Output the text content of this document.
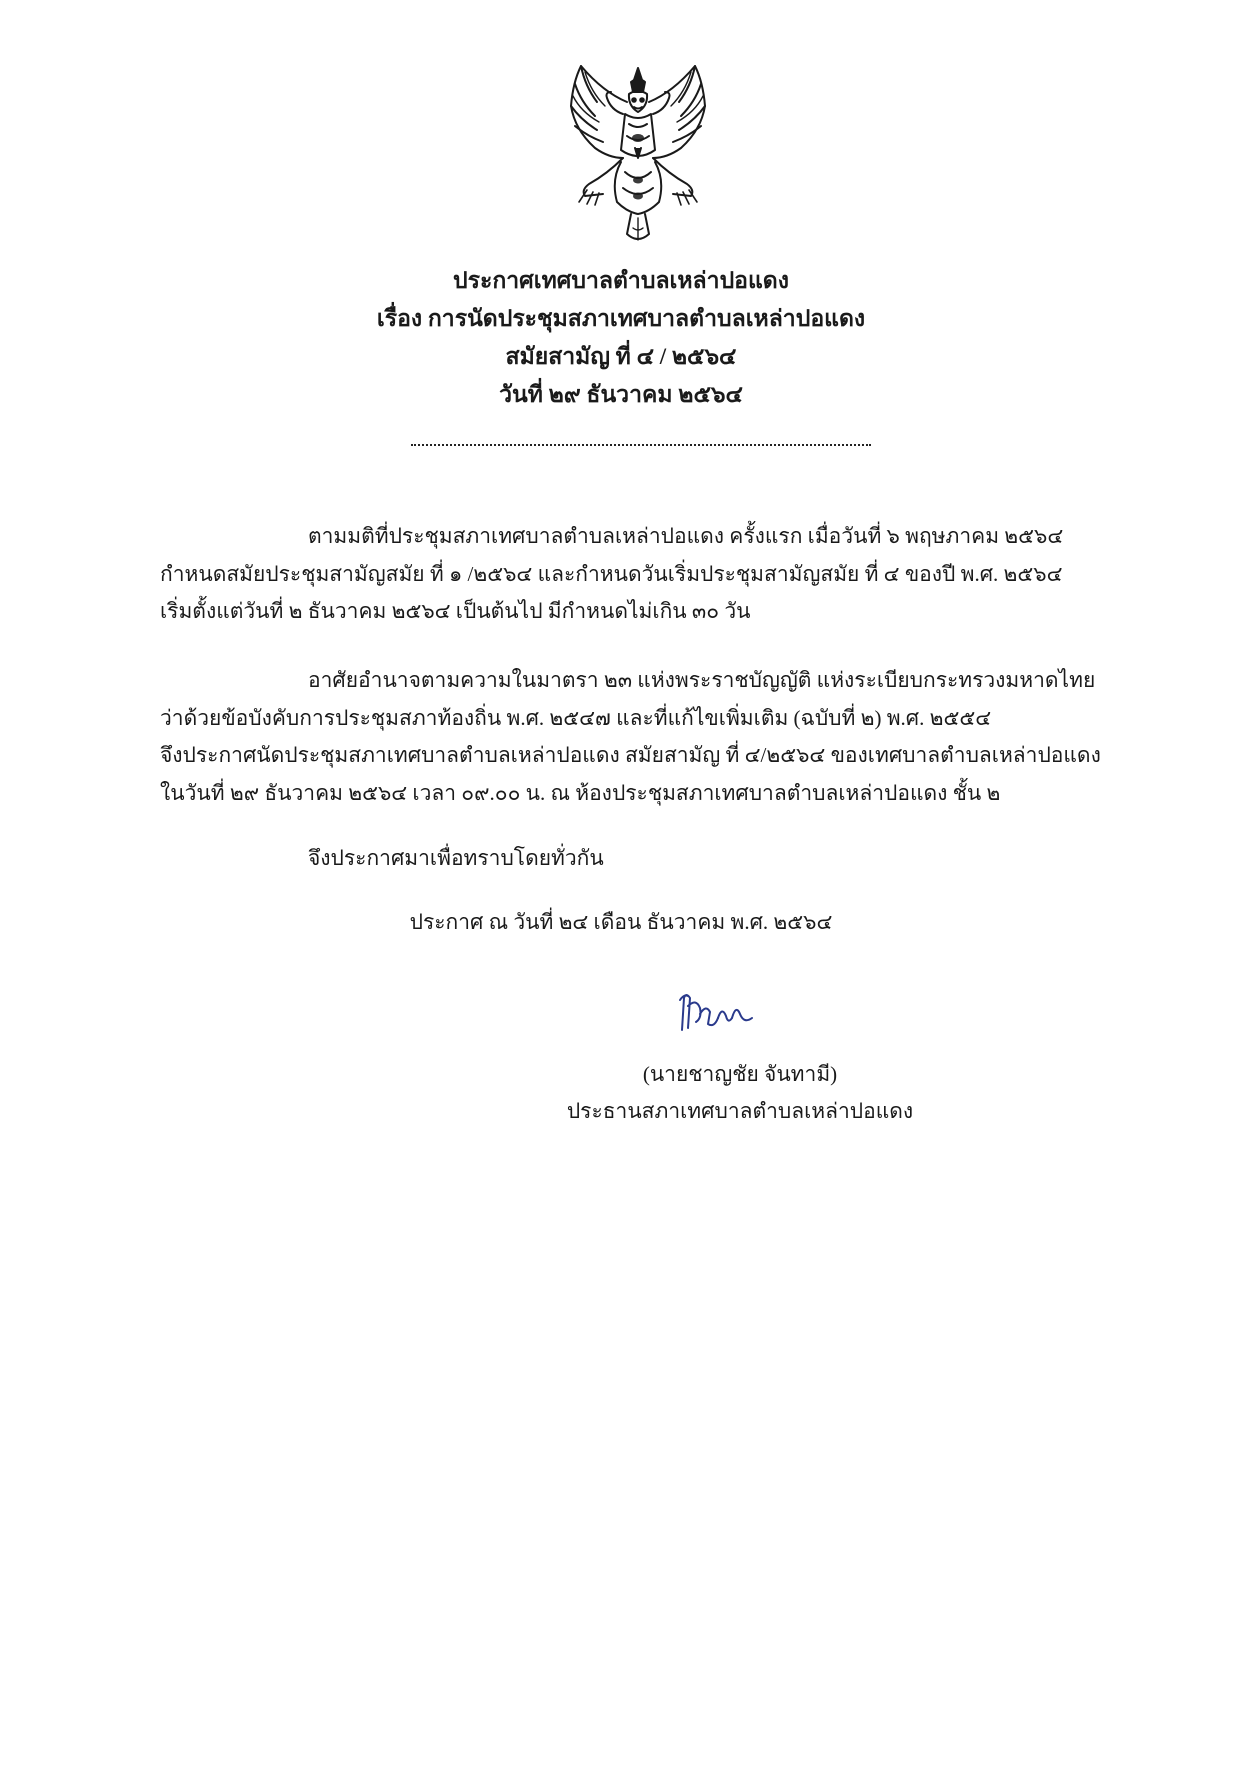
ประกาศเทศบาลตำบลเหล่าปอแดง
เรื่อง การนัดประชุมสภาเทศบาลตำบลเหล่าปอแดง
สมัยสามัญ ที่ ๔ / ๒๕๖๔
วันที่ ๒๙ ธันวาคม ๒๕๖๔
ตามมติที่ประชุมสภาเทศบาลตำบลเหล่าปอแดง ครั้งแรก เมื่อวันที่ ๖ พฤษภาคม ๒๕๖๔
กำหนดสมัยประชุมสามัญสมัย ที่ ๑ /๒๕๖๔ และกำหนดวันเริ่มประชุมสามัญสมัย ที่ ๔ ของปี พ.ศ. ๒๕๖๔
เริ่มตั้งแต่วันที่ ๒ ธันวาคม ๒๕๖๔ เป็นต้นไป มีกำหนดไม่เกิน ๓๐ วัน
อาศัยอำนาจตามความในมาตรา ๒๓ แห่งพระราชบัญญัติ แห่งระเบียบกระทรวงมหาดไทย
ว่าด้วยข้อบังคับการประชุมสภาท้องถิ่น พ.ศ. ๒๕๔๗ และที่แก้ไขเพิ่มเติม (ฉบับที่ ๒) พ.ศ. ๒๕๕๔
จึงประกาศนัดประชุมสภาเทศบาลตำบลเหล่าปอแดง สมัยสามัญ ที่ ๔/๒๕๖๔ ของเทศบาลตำบลเหล่าปอแดง
ในวันที่ ๒๙ ธันวาคม ๒๕๖๔ เวลา ๐๙.๐๐ น. ณ ห้องประชุมสภาเทศบาลตำบลเหล่าปอแดง ชั้น ๒
จึงประกาศมาเพื่อทราบโดยทั่วกัน
ประกาศ ณ วันที่ ๒๔ เดือน ธันวาคม พ.ศ. ๒๕๖๔
(นายชาญชัย จันทามี)
ประธานสภาเทศบาลตำบลเหล่าปอแดง
